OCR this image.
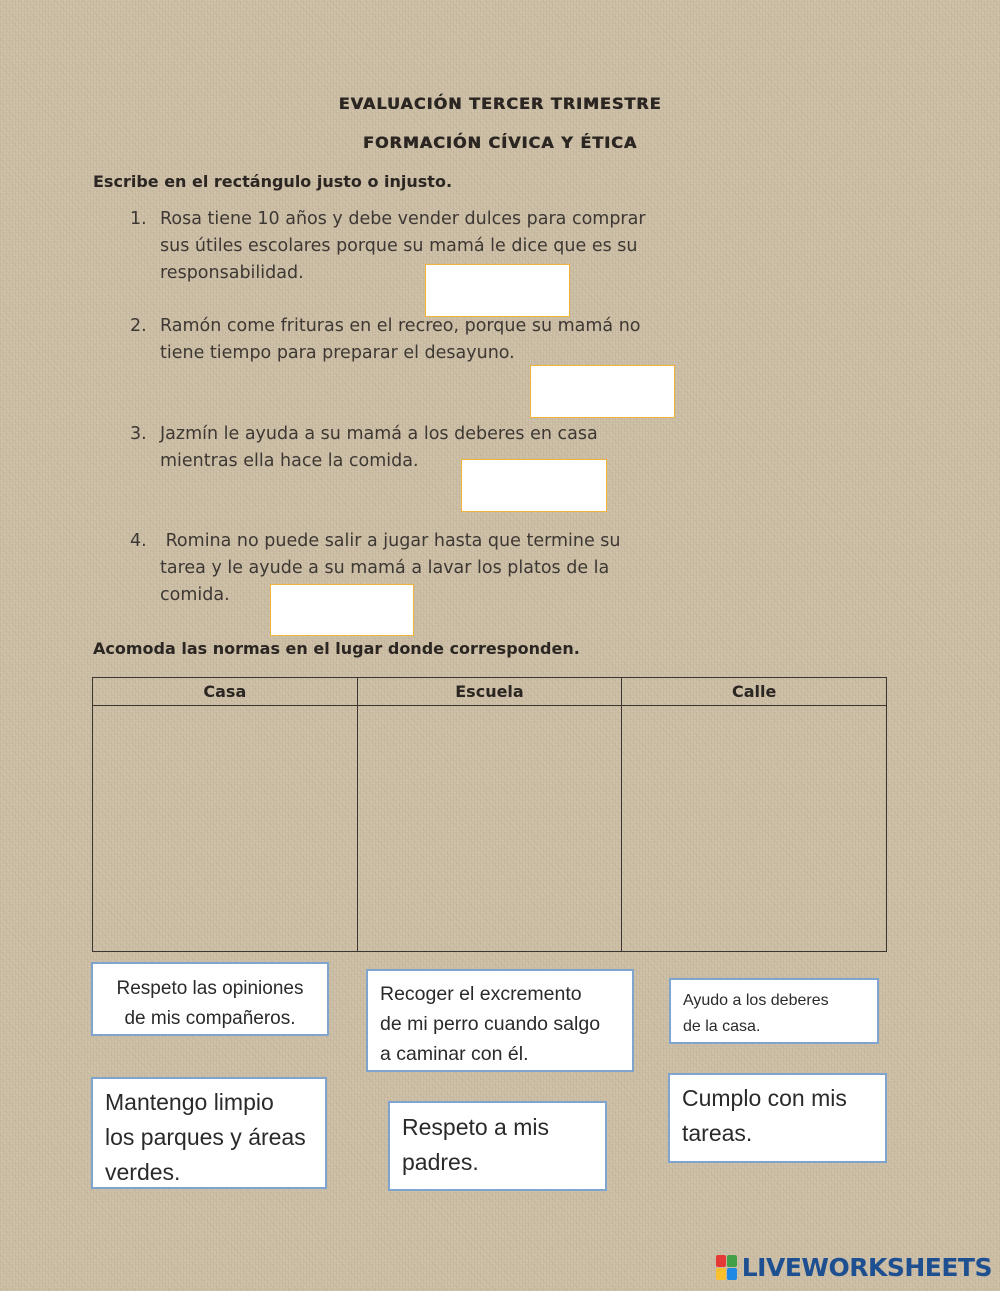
EVALUACIÓN TERCER TRIMESTRE
FORMACIÓN CÍVICA Y ÉTICA
Escribe en el rectángulo justo o injusto.
1. Rosa tiene 10 años y debe vender dulces para comprar
sus útiles escolares porque su mamá le dice que es su
responsabilidad.
2. Ramón come frituras en el recreo, porque su mamá no
tiene tiempo para preparar el desayuno.
3. Jazmín le ayuda a su mamá a los deberes en casa
mientras ella hace la comida.
4. Romina no puede salir a jugar hasta que termine su
tarea y le ayude a su mamá a lavar los platos de la
comida.
Acomoda las normas en el lugar donde corresponden.
Casa	Escuela	Calle

Respeto las opiniones
de mis compañeros.
Recoger el excremento
de mi perro cuando salgo
a caminar con él.
Ayudo a los deberes
de la casa.
Mantengo limpio
los parques y áreas
verdes.
Respeto a mis
padres.
Cumplo con mis
tareas.
LIVEWORKSHEETS
